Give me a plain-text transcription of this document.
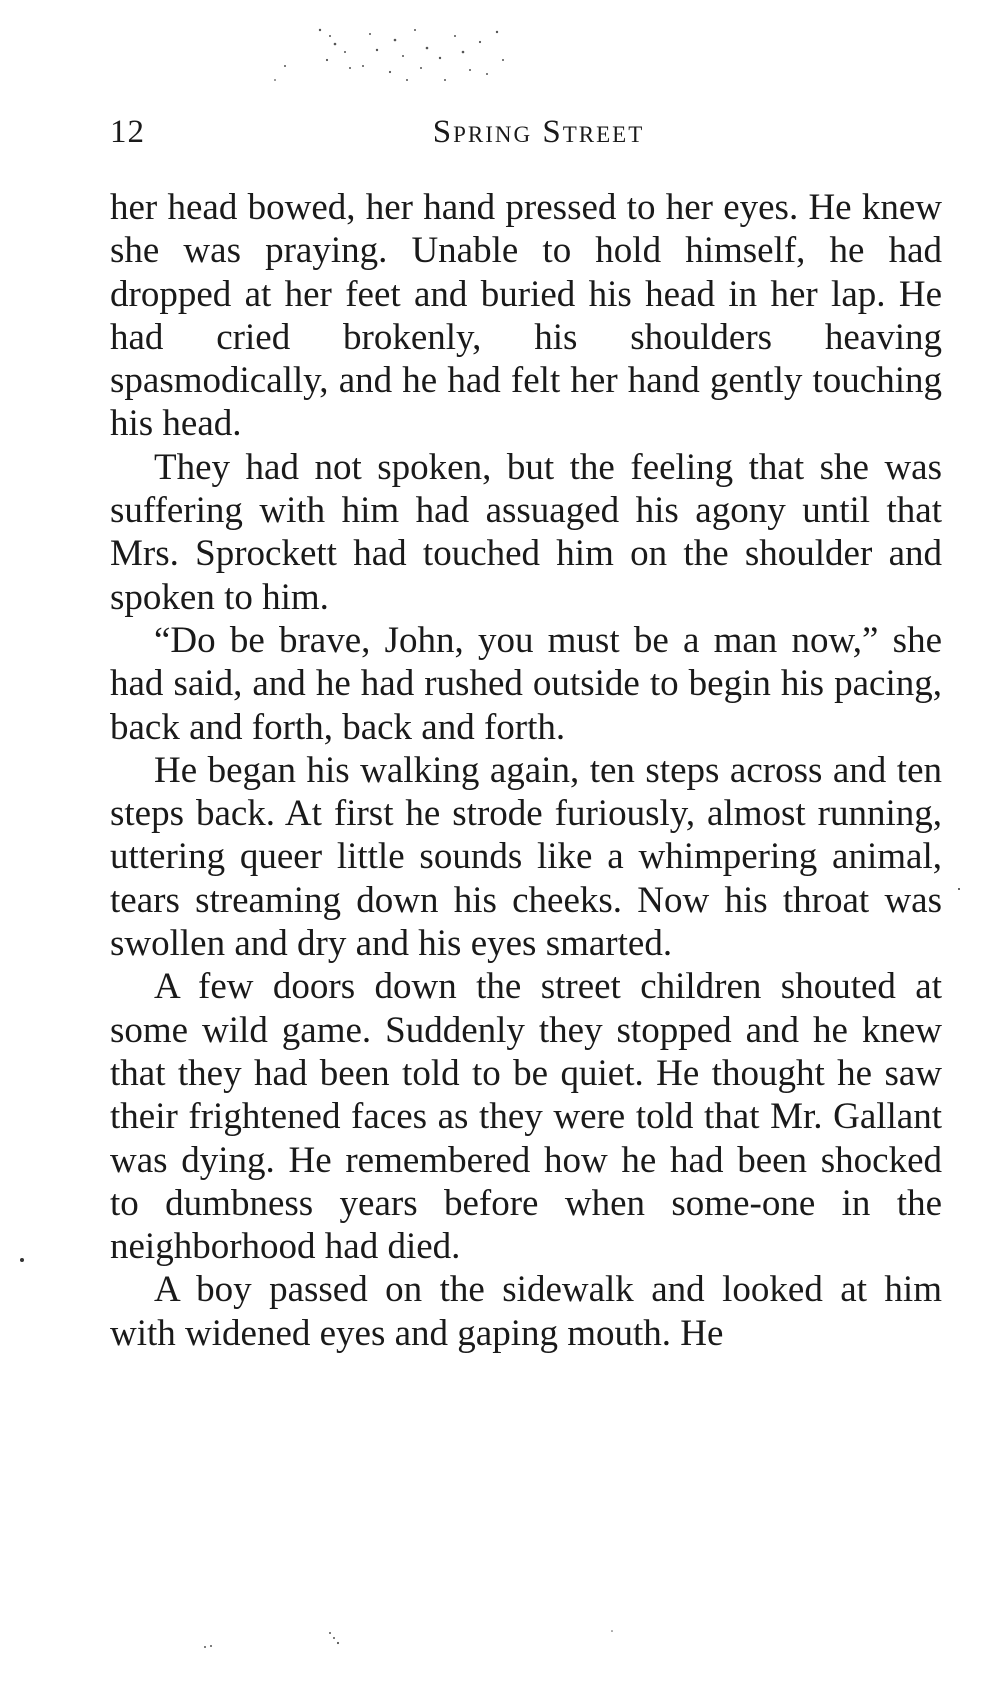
12	Spring Street

her head bowed, her hand pressed to her eyes. He knew she was praying. Unable to hold himself, he had dropped at her feet and buried his head in her lap. He had cried brokenly, his shoulders heaving spasmodically, and he had felt her hand gently touching his head.

They had not spoken, but the feeling that she was suffering with him had assuaged his agony until that Mrs. Sprockett had touched him on the shoulder and spoken to him.

“Do be brave, John, you must be a man now,” she had said, and he had rushed outside to begin his pacing, back and forth, back and forth.

He began his walking again, ten steps across and ten steps back. At first he strode furiously, almost running, uttering queer little sounds like a whimpering animal, tears streaming down his cheeks. Now his throat was swollen and dry and his eyes smarted.

A few doors down the street children shouted at some wild game. Suddenly they stopped and he knew that they had been told to be quiet. He thought he saw their frightened faces as they were told that Mr. Gallant was dying. He remembered how he had been shocked to dumbness years before when some-one in the neighborhood had died.

A boy passed on the sidewalk and looked at him with widened eyes and gaping mouth. He
